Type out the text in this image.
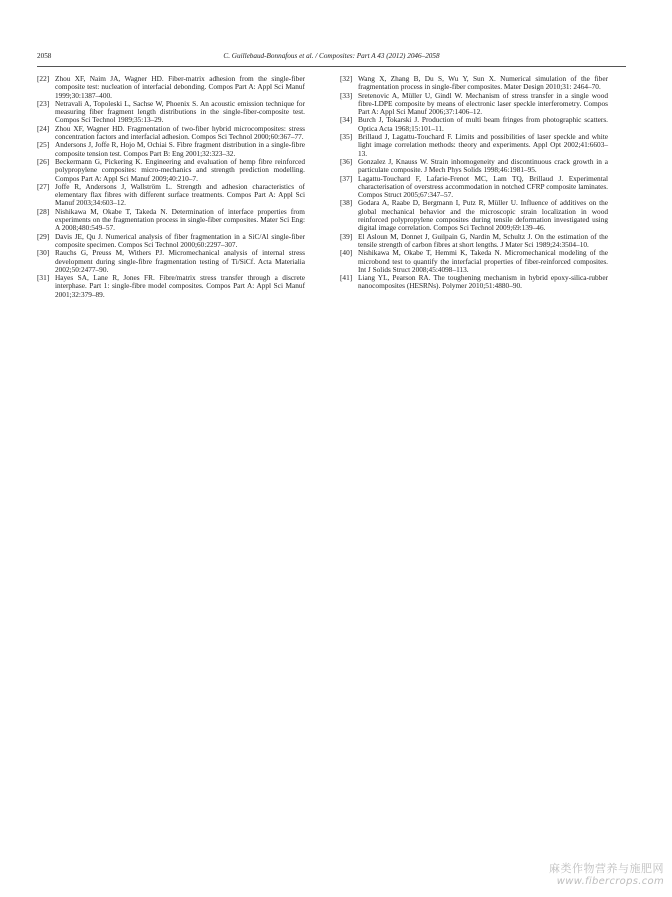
2058	C. Guillebaud-Bonnafous et al. / Composites: Part A 43 (2012) 2046–2058
[22] Zhou XF, Naim JA, Wagner HD. Fiber-matrix adhesion from the single-fiber composite test: nucleation of interfacial debonding. Compos Part A: Appl Sci Manuf 1999;30:1387–400.
[23] Netravali A, Topoleski L, Sachse W, Phoenix S. An acoustic emission technique for measuring fiber fragment length distributions in the single-fiber-composite test. Compos Sci Technol 1989;35:13–29.
[24] Zhou XF, Wagner HD. Fragmentation of two-fiber hybrid microcomposites: stress concentration factors and interfacial adhesion. Compos Sci Technol 2000;60:367–77.
[25] Andersons J, Joffe R, Hojo M, Ochiai S. Fibre fragment distribution in a single-fibre composite tension test. Compos Part B: Eng 2001;32:323–32.
[26] Beckermann G, Pickering K. Engineering and evaluation of hemp fibre reinforced polypropylene composites: micro-mechanics and strength prediction modelling. Compos Part A: Appl Sci Manuf 2009;40:210–7.
[27] Joffe R, Andersons J, Wallström L. Strength and adhesion characteristics of elementary flax fibres with different surface treatments. Compos Part A: Appl Sci Manuf 2003;34:603–12.
[28] Nishikawa M, Okabe T, Takeda N. Determination of interface properties from experiments on the fragmentation process in single-fiber composites. Mater Sci Eng: A 2008;480:549–57.
[29] Davis JE, Qu J. Numerical analysis of fiber fragmentation in a SiC/Al single-fiber composite specimen. Compos Sci Technol 2000;60:2297–307.
[30] Rauchs G, Preuss M, Withers PJ. Micromechanical analysis of internal stress development during single-fibre fragmentation testing of Ti/SiCf. Acta Materialia 2002;50:2477–90.
[31] Hayes SA, Lane R, Jones FR. Fibre/matrix stress transfer through a discrete interphase. Part 1: single-fibre model composites. Compos Part A: Appl Sci Manuf 2001;32:379–89.
[32] Wang X, Zhang B, Du S, Wu Y, Sun X. Numerical simulation of the fiber fragmentation process in single-fiber composites. Mater Design 2010;31: 2464–70.
[33] Sretenovic A, Müller U, Gindl W. Mechanism of stress transfer in a single wood fibre-LDPE composite by means of electronic laser speckle interferometry. Compos Part A: Appl Sci Manuf 2006;37:1406–12.
[34] Burch J, Tokarski J. Production of multi beam fringes from photographic scatters. Optica Acta 1968;15:101–11.
[35] Brillaud J, Lagattu-Touchard F. Limits and possibilities of laser speckle and white light image correlation methods: theory and experiments. Appl Opt 2002;41:6603–13.
[36] Gonzalez J, Knauss W. Strain inhomogeneity and discontinuous crack growth in a particulate composite. J Mech Phys Solids 1998;46:1981–95.
[37] Lagattu-Touchard F, Lafarie-Frenot MC, Lam TQ, Brillaud J. Experimental characterisation of overstress accommodation in notched CFRP composite laminates. Compos Struct 2005;67:347–57.
[38] Godara A, Raabe D, Bergmann I, Putz R, Müller U. Influence of additives on the global mechanical behavior and the microscopic strain localization in wood reinforced polypropylene composites during tensile deformation investigated using digital image correlation. Compos Sci Technol 2009;69:139–46.
[39] El Asloun M, Donnet J, Guilpain G, Nardin M, Schultz J. On the estimation of the tensile strength of carbon fibres at short lengths. J Mater Sci 1989;24:3504–10.
[40] Nishikawa M, Okabe T, Hemmi K, Takeda N. Micromechanical modeling of the microbond test to quantify the interfacial properties of fiber-reinforced composites. Int J Solids Struct 2008;45:4098–113.
[41] Liang YL, Pearson RA. The toughening mechanism in hybrid epoxy-silica-rubber nanocomposites (HESRNs). Polymer 2010;51:4880–90.
麻类作物营养与施肥网
www.fibercrops.com
